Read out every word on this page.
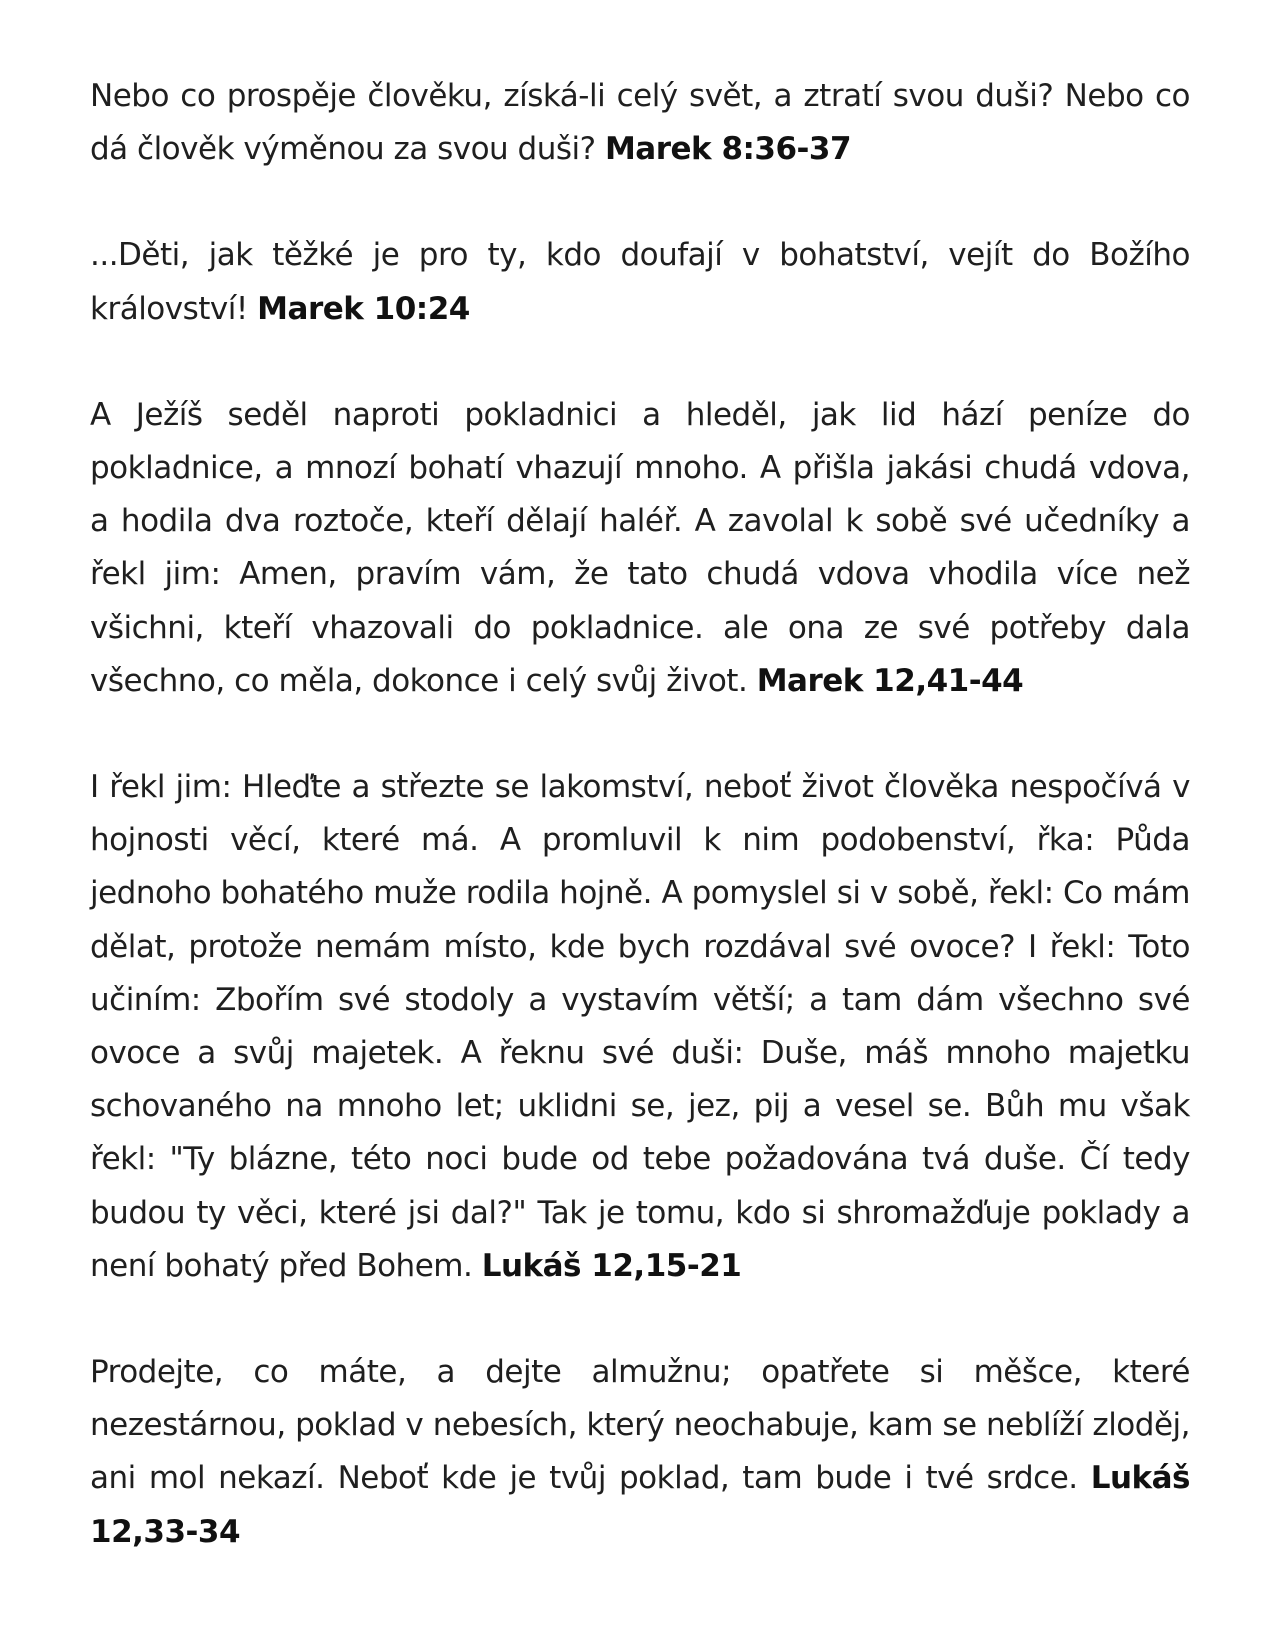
Nebo co prospěje člověku, získá-li celý svět, a ztratí svou duši? Nebo co dá člověk výměnou za svou duši? Marek 8:36-37

...Děti, jak těžké je pro ty, kdo doufají v bohatství, vejít do Božího království! Marek 10:24

A Ježíš seděl naproti pokladnici a hleděl, jak lid hází peníze do pokladnice, a mnozí bohatí vhazují mnoho. A přišla jakási chudá vdova, a hodila dva roztoče, kteří dělají haléř. A zavolal k sobě své učedníky a řekl jim: Amen, pravím vám, že tato chudá vdova vhodila více než všichni, kteří vhazovali do pokladnice. ale ona ze své potřeby dala všechno, co měla, dokonce i celý svůj život. Marek 12,41-44

I řekl jim: Hleďte a střezte se lakomství, neboť život člověka nespočívá v hojnosti věcí, které má. A promluvil k nim podobenství, řka: Půda jednoho bohatého muže rodila hojně. A pomyslel si v sobě, řekl: Co mám dělat, protože nemám místo, kde bych rozdával své ovoce? I řekl: Toto učiním: Zbořím své stodoly a vystavím větší; a tam dám všechno své ovoce a svůj majetek. A řeknu své duši: Duše, máš mnoho majetku schovaného na mnoho let; uklidni se, jez, pij a vesel se. Bůh mu však řekl: "Ty blázne, této noci bude od tebe požadována tvá duše. Čí tedy budou ty věci, které jsi dal?" Tak je tomu, kdo si shromažďuje poklady a není bohatý před Bohem. Lukáš 12,15-21

Prodejte, co máte, a dejte almužnu; opatřete si měšce, které nezestárnou, poklad v nebesích, který neochabuje, kam se neblíží zloděj, ani mol nekazí. Neboť kde je tvůj poklad, tam bude i tvé srdce. Lukáš 12,33-34
